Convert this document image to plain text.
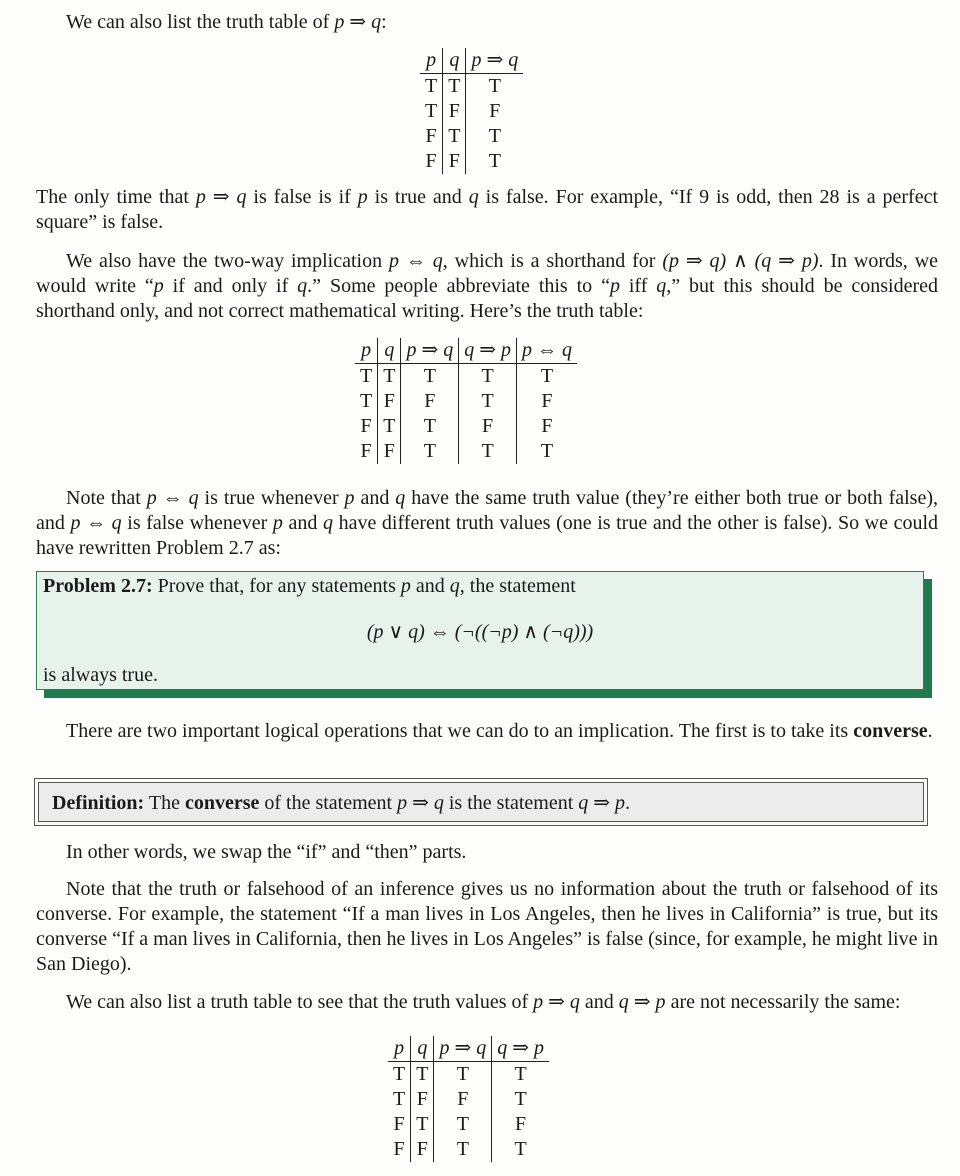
We can also list the truth table of p ⇒ q:
p	q	p ⇒ q
T	T	T
T	F	F
F	T	T
F	F	T
The only time that p ⇒ q is false is if p is true and q is false. For example, “If 9 is odd, then 28 is a perfect square” is false.
We also have the two-way implication p ⇔ q, which is a shorthand for (p ⇒ q) ∧ (q ⇒ p). In words, we would write “p if and only if q.” Some people abbreviate this to “p iff q,” but this should be considered shorthand only, and not correct mathematical writing. Here’s the truth table:
p	q	p ⇒ q	q ⇒ p	p ⇔ q
T	T	T	T	T
T	F	F	T	F
F	T	T	F	F
F	F	T	T	T
Note that p ⇔ q is true whenever p and q have the same truth value (they’re either both true or both false), and p ⇔ q is false whenever p and q have different truth values (one is true and the other is false). So we could have rewritten Problem 2.7 as:
Problem 2.7: Prove that, for any statements p and q, the statement
(p ∨ q) ⇔ (¬((¬p) ∧ (¬q)))
is always true.
There are two important logical operations that we can do to an implication. The first is to take its converse.
Definition: The converse of the statement p ⇒ q is the statement q ⇒ p.
In other words, we swap the “if” and “then” parts.
Note that the truth or falsehood of an inference gives us no information about the truth or falsehood of its converse. For example, the statement “If a man lives in Los Angeles, then he lives in California” is true, but its converse “If a man lives in California, then he lives in Los Angeles” is false (since, for example, he might live in San Diego).
We can also list a truth table to see that the truth values of p ⇒ q and q ⇒ p are not necessarily the same:
p	q	p ⇒ q	q ⇒ p
T	T	T	T
T	F	F	T
F	T	T	F
F	F	T	T
